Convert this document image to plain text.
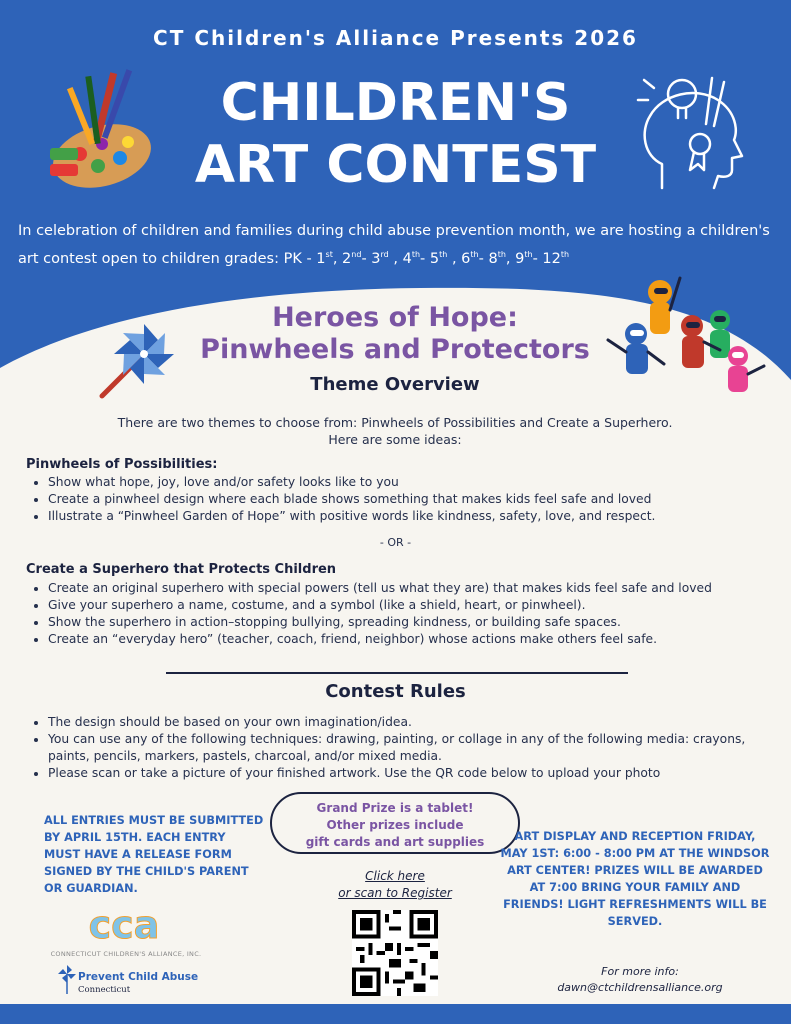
CT Children's Alliance Presents 2026
CHILDREN'S
ART CONTEST
In celebration of children and families during child abuse prevention month, we are hosting a children's art contest open to children grades: PK - 1st, 2nd- 3rd , 4th- 5th , 6th- 8th, 9th- 12th
Heroes of Hope:
Pinwheels and Protectors
Theme Overview
There are two themes to choose from: Pinwheels of Possibilities and Create a Superhero.
Here are some ideas:
Pinwheels of Possibilities:
• Show what hope, joy, love and/or safety looks like to you
• Create a pinwheel design where each blade shows something that makes kids feel safe and loved
• Illustrate a “Pinwheel Garden of Hope” with positive words like kindness, safety, love, and respect.
- OR -
Create a Superhero that Protects Children
• Create an original superhero with special powers (tell us what they are) that makes kids feel safe and loved
• Give your superhero a name, costume, and a symbol (like a shield, heart, or pinwheel).
• Show the superhero in action–stopping bullying, spreading kindness, or building safe spaces.
• Create an “everyday hero” (teacher, coach, friend, neighbor) whose actions make others feel safe.
Contest Rules
• The design should be based on your own imagination/idea.
• You can use any of the following techniques: drawing, painting, or collage in any of the following media: crayons, paints, pencils, markers, pastels, charcoal, and/or mixed media.
• Please scan or take a picture of your finished artwork. Use the QR code below to upload your photo
ALL ENTRIES MUST BE SUBMITTED BY APRIL 15TH. EACH ENTRY MUST HAVE A RELEASE FORM SIGNED BY THE CHILD'S PARENT OR GUARDIAN.
Grand Prize is a tablet!
Other prizes include
gift cards and art supplies
Click here
or scan to Register
ART DISPLAY AND RECEPTION FRIDAY, MAY 1ST: 6:00 - 8:00 PM AT THE WINDSOR ART CENTER! PRIZES WILL BE AWARDED AT 7:00 BRING YOUR FAMILY AND FRIENDS! LIGHT REFRESHMENTS WILL BE SERVED.
For more info:
dawn@ctchildrensalliance.org
cca
CONNECTICUT CHILDREN'S ALLIANCE, INC.
Prevent Child Abuse
Connecticut
